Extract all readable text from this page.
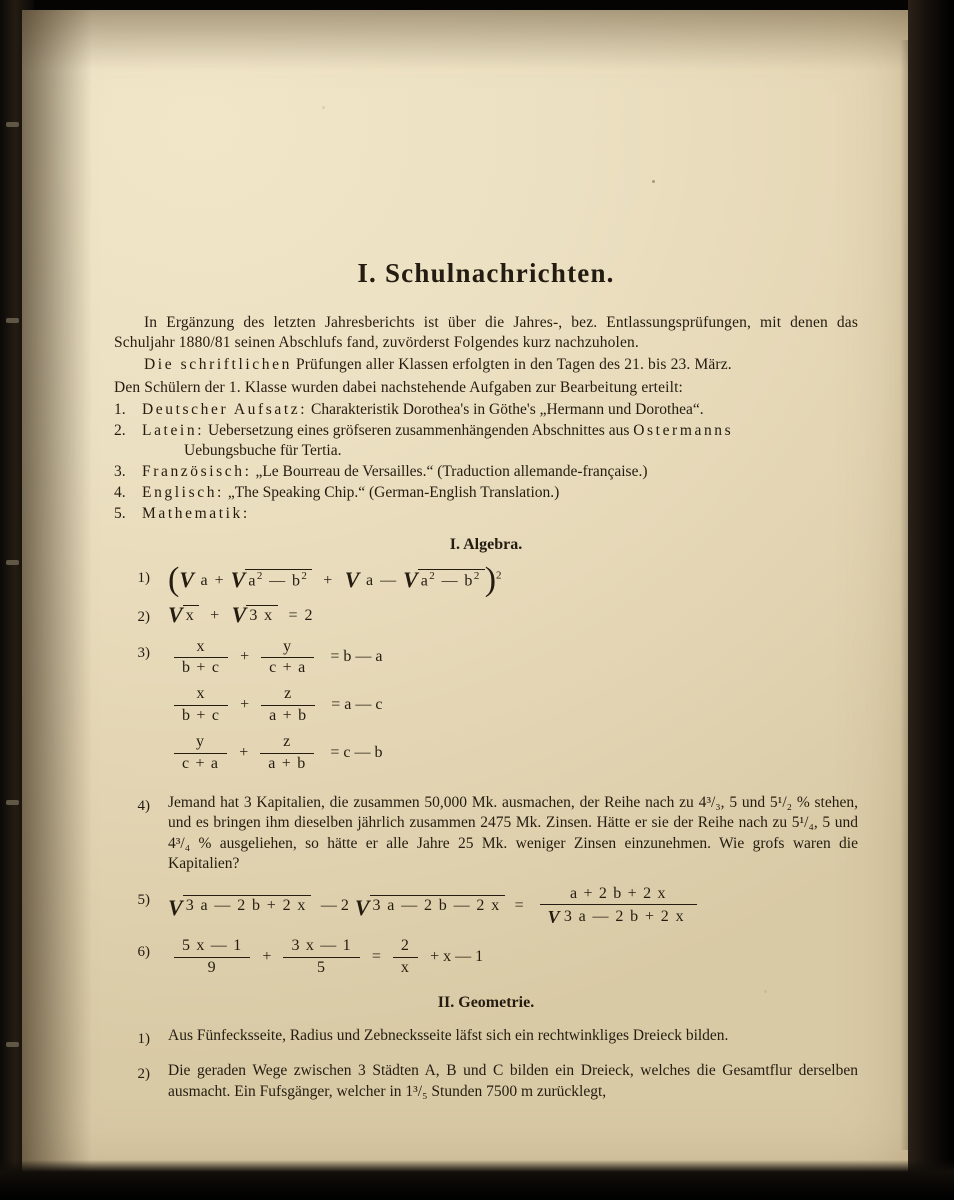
I. Schulnachrichten.

In Ergänzung des letzten Jahresberichts ist über die Jahres-, bez. Entlassungsprüfungen, mit denen das Schuljahr 1880/81 seinen Abschlufs fand, zuvörderst Folgendes kurz nachzuholen.

Die schriftlichen Prüfungen aller Klassen erfolgten in den Tagen des 21. bis 23. März.

Den Schülern der 1. Klasse wurden dabei nachstehende Aufgaben zur Bearbeitung erteilt:

1. Deutscher Aufsatz: Charakteristik Dorothea's in Göthe's „Hermann und Dorothea“.
2. Latein: Uebersetzung eines gröfseren zusammenhängenden Abschnittes aus Ostermanns
Uebungsbuche für Tertia.
3. Französisch: „Le Bourreau de Versailles.“ (Traduction allemande-française.)
4. Englisch: „The Speaking Chip.“ (German-English Translation.)
5. Mathematik:
I. Algebra.
1) (V a + V $a^2$ — $b^2 + V$ a — V $a^2$ — $b^2$ )$^2$
2) V x  +  V 3 x  = 2
3)	$\frac{x}{b + c} + \frac{y}{c + a} = b$ — a
$\frac{x}{b + c} + \frac{z}{a + b} = a$ — c
$\frac{y}{c + a} + \frac{z}{a + b} = c$ — b
4)	Jemand hat 3 Kapitalien, die zusammen 50,000 Mk. ausmachen, der Reihe nach zu 4³/₃, 5 und 5¹/₂ % stehen, und es bringen ihm dieselben jährlich zusammen 2475 Mk. Zinsen. Hätte er sie der Reihe nach zu 5¹/₄, 5 und 4³/₄ % ausgeliehen, so hätte er alle Jahre 25 Mk. weniger Zinsen einzunehmen. Wie grofs waren die Kapitalien?
5) V 3 a — 2 b + 2 x — 2 V 3 a — 2 b — 2 $x = \frac{a + 2 b + 2 x}{V 3 a — 2 b + 2 x}$
6)	$\frac{5 x — 1}{9} + \frac{3 x — 1}{5} = \frac{2}{x} + x$ — 1
II. Geometrie.
1)	Aus Fünfecksseite, Radius und Zebnecksseite läfst sich ein rechtwinkliges Dreieck bilden.
2)	Die geraden Wege zwischen 3 Städten A, B und C bilden ein Dreieck, welches die Gesamtflur derselben ausmacht. Ein Fufsgänger, welcher in 1³/₅ Stunden 7500 m zurücklegt,
